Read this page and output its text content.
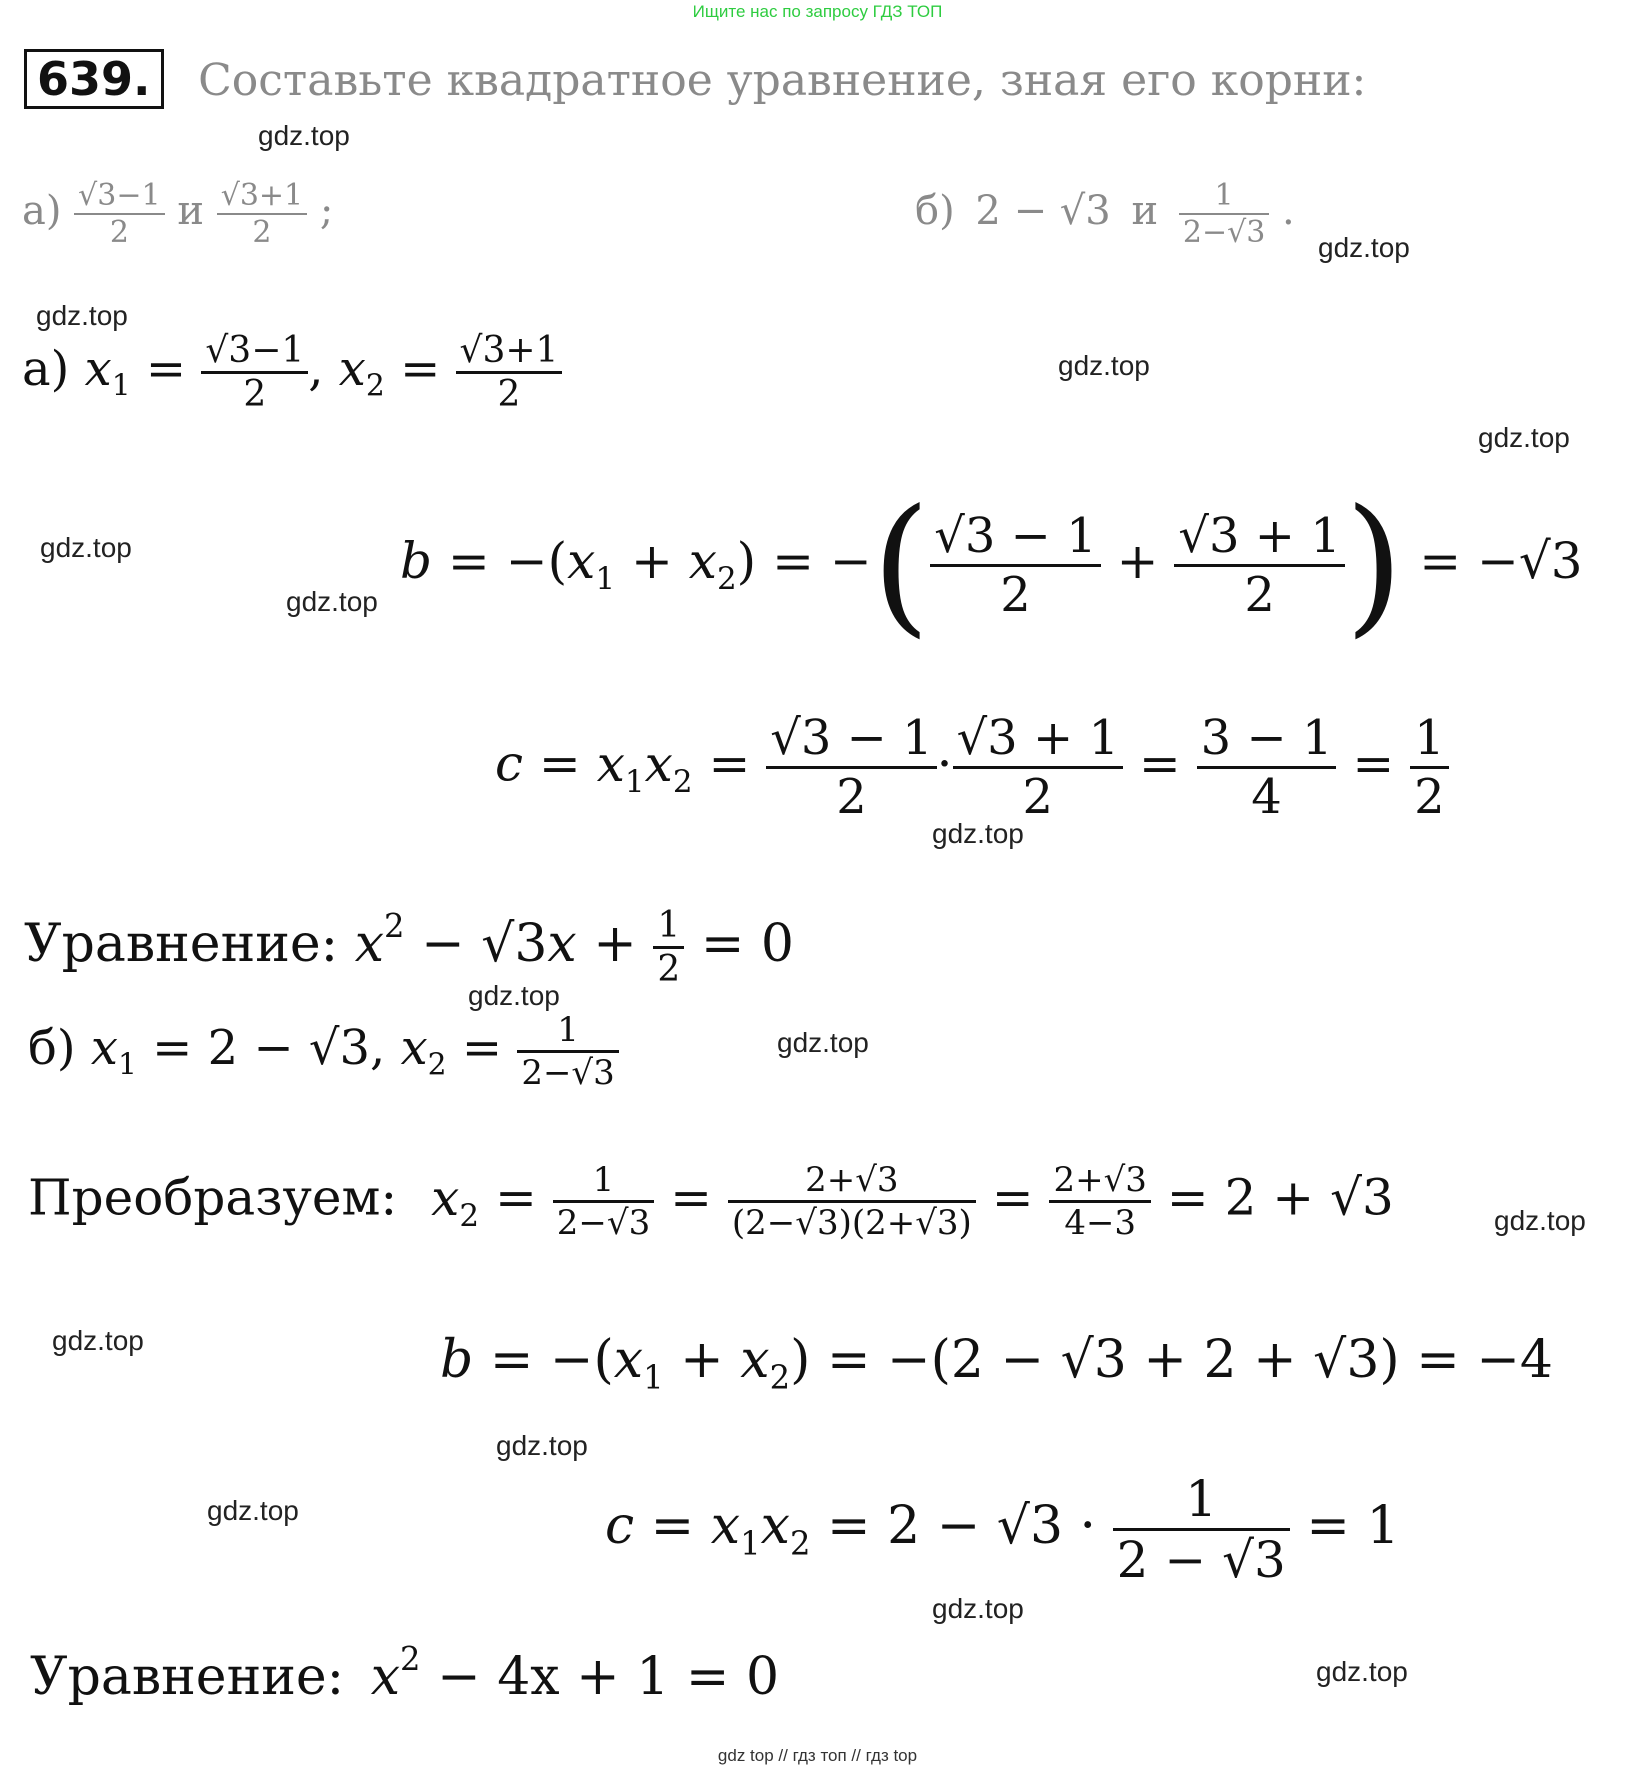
Ищите нас по запросу ГДЗ ТОП
639. Составьте квадратное уравнение, зная его корни:
$а) \frac{√3-1}{2}$ и $\frac{√3+1}{2}$ ;	б) 2 − √3 и $\frac{1}{2-√3}$ .
а) $x_1 = \frac{√3-1}{2}$ , $x_2 = \frac{√3+1}{2}$
$b = -(x_1 + x_2)$ = −( $\frac{√3 - 1}{2} + \frac{√3 + 1}{2}$ ) = −√3
$c = x_1x_2 = \frac{√3 - 1}{2} \cdot \frac{√3 + 1}{2} = \frac{3 - 1}{4} = \frac{1}{2}$
Уравнение: $x^2 - √3x + \frac{1}{2} = 0$
б) $x_1 = 2 - √3$, $x_2 = \frac{1}{2-√3}$
Преобразуем: $x_2 = \frac{1}{2-√3} = \frac{2+√3}{(2-√3)(2+√3)} = \frac{2+√3}{4-3} = 2 + √3$
$b = -(x_1 + x_2) = -(2 - √3 + 2 + √3) = -4$
$c = x_1x_2 = 2 - √3 \cdot \frac{1}{2 - √3} = 1$
Уравнение: $x^2 - 4x + 1 = 0$
gdz.top
gdz.top
gdz.top
gdz.top
gdz.top
gdz.top
gdz.top
gdz.top
gdz.top
gdz.top
gdz.top
gdz.top
gdz.top
gdz.top
gdz.top
gdz.top
gdz top // гдз топ // гдз top
